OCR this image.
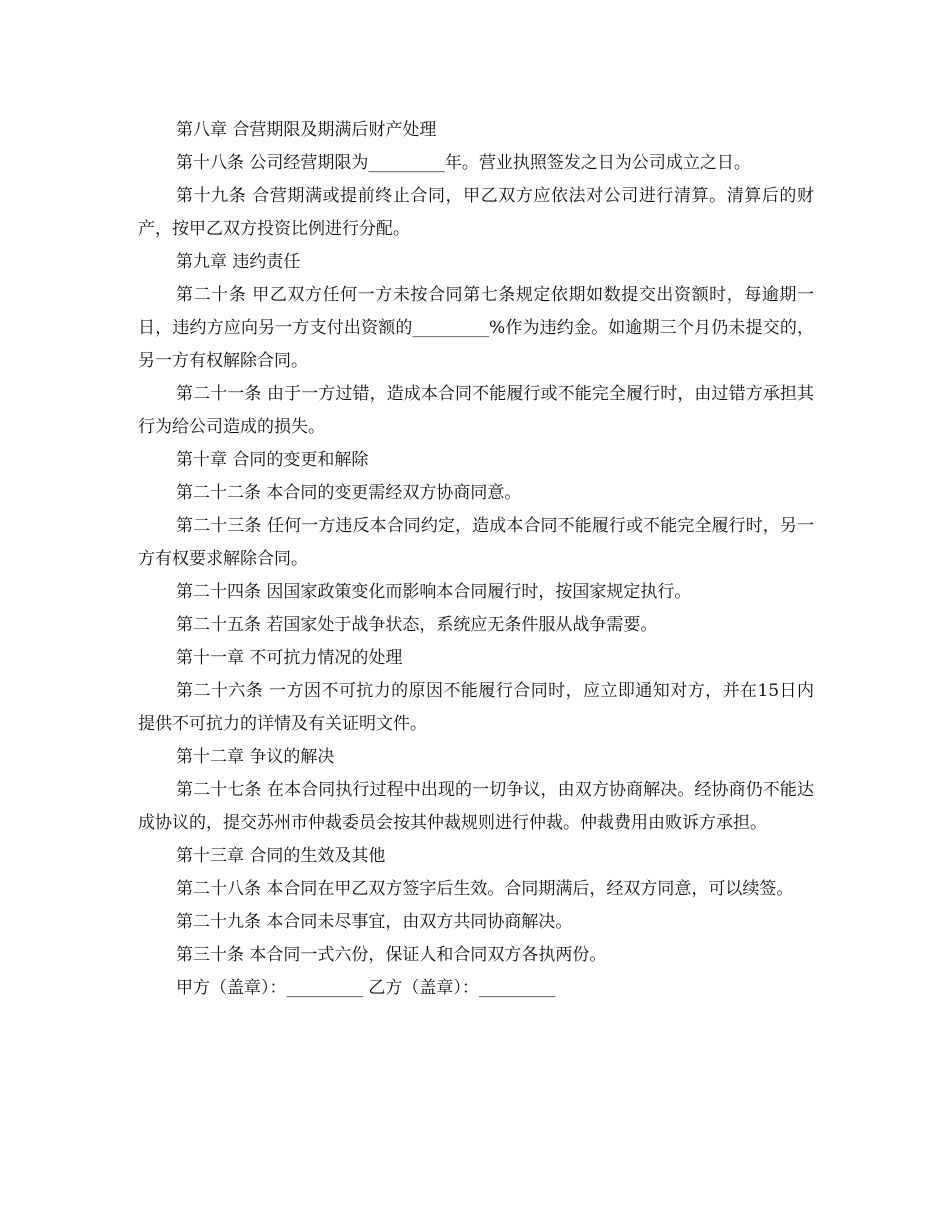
第八章 合营期限及期满后财产处理

第十八条 公司经营期限为_________年。营业执照签发之日为公司成立之日。

第十九条 合营期满或提前终止合同，甲乙双方应依法对公司进行清算。清算后的财产，按甲乙双方投资比例进行分配。

第九章 违约责任

第二十条 甲乙双方任何一方未按合同第七条规定依期如数提交出资额时，每逾期一日，违约方应向另一方支付出资额的_________%作为违约金。如逾期三个月仍未提交的，另一方有权解除合同。

第二十一条 由于一方过错，造成本合同不能履行或不能完全履行时，由过错方承担其行为给公司造成的损失。

第十章 合同的变更和解除

第二十二条 本合同的变更需经双方协商同意。

第二十三条 任何一方违反本合同约定，造成本合同不能履行或不能完全履行时，另一方有权要求解除合同。

第二十四条 因国家政策变化而影响本合同履行时，按国家规定执行。

第二十五条 若国家处于战争状态，系统应无条件服从战争需要。

第十一章 不可抗力情况的处理

第二十六条 一方因不可抗力的原因不能履行合同时，应立即通知对方，并在15日内提供不可抗力的详情及有关证明文件。

第十二章 争议的解决

第二十七条 在本合同执行过程中出现的一切争议，由双方协商解决。经协商仍不能达成协议的，提交苏州市仲裁委员会按其仲裁规则进行仲裁。仲裁费用由败诉方承担。

第十三章 合同的生效及其他

第二十八条 本合同在甲乙双方签字后生效。合同期满后，经双方同意，可以续签。

第二十九条 本合同未尽事宜，由双方共同协商解决。

第三十条 本合同一式六份，保证人和合同双方各执两份。

甲方（盖章）：_________ 乙方（盖章）：_________
